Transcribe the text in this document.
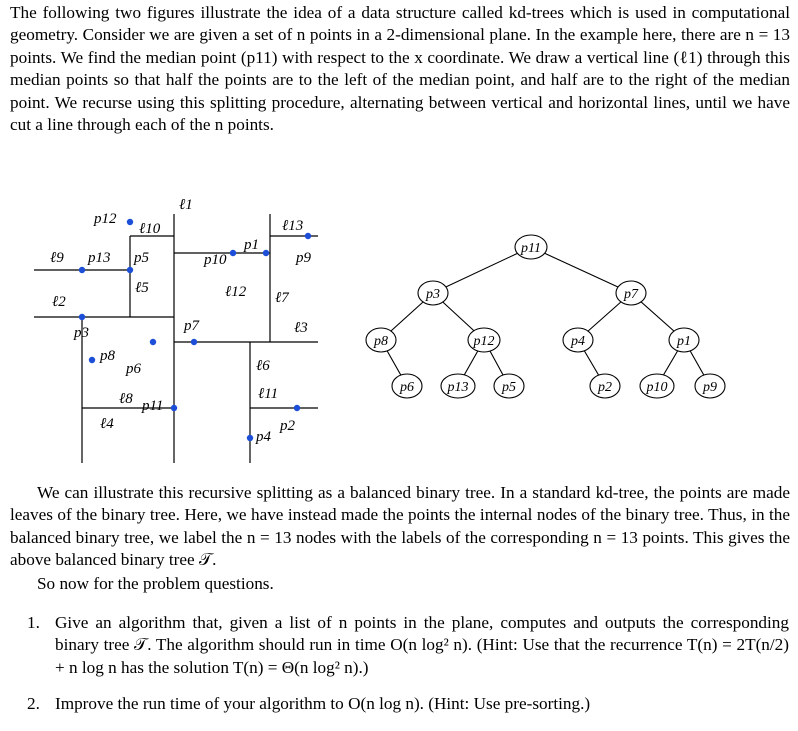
The following two figures illustrate the idea of a data structure called kd-trees which is used in computational geometry. Consider we are given a set of n points in a 2-dimensional plane. In the example here, there are n = 13 points. We find the median point (p11) with respect to the x coordinate. We draw a vertical line (ℓ1) through this median points so that half the points are to the left of the median point, and half are to the right of the median point. We recurse using this splitting procedure, alternating between vertical and horizontal lines, until we have cut a line through each of the n points.

p12
ℓ10
ℓ1
ℓ13
ℓ9 p13 p5	p10
p1
p9
ℓ5	ℓ12 ℓ7
ℓ2
p7	ℓ3
p3
p8
p6	ℓ6
ℓ11
ℓ8 p11
p2
ℓ4
p4
p11
p3	p7
p8	p12	p4	p1
p6 p13 p5	p2 p10	p9

We can illustrate this recursive splitting as a balanced binary tree. In a standard kd-tree, the points are made leaves of the binary tree. Here, we have instead made the points the internal nodes of the binary tree. Thus, in the balanced binary tree, we label the n = 13 nodes with the labels of the corresponding n = 13 points. This gives the above balanced binary tree 𝒯.

So now for the problem questions.

1. Give an algorithm that, given a list of n points in the plane, computes and outputs the corresponding binary tree 𝒯. The algorithm should run in time O(n log² n). (Hint: Use that the recurrence T(n) = 2T(n/2) + n log n has the solution T(n) = Θ(n log² n).)
2. Improve the run time of your algorithm to O(n log n). (Hint: Use pre-sorting.)
